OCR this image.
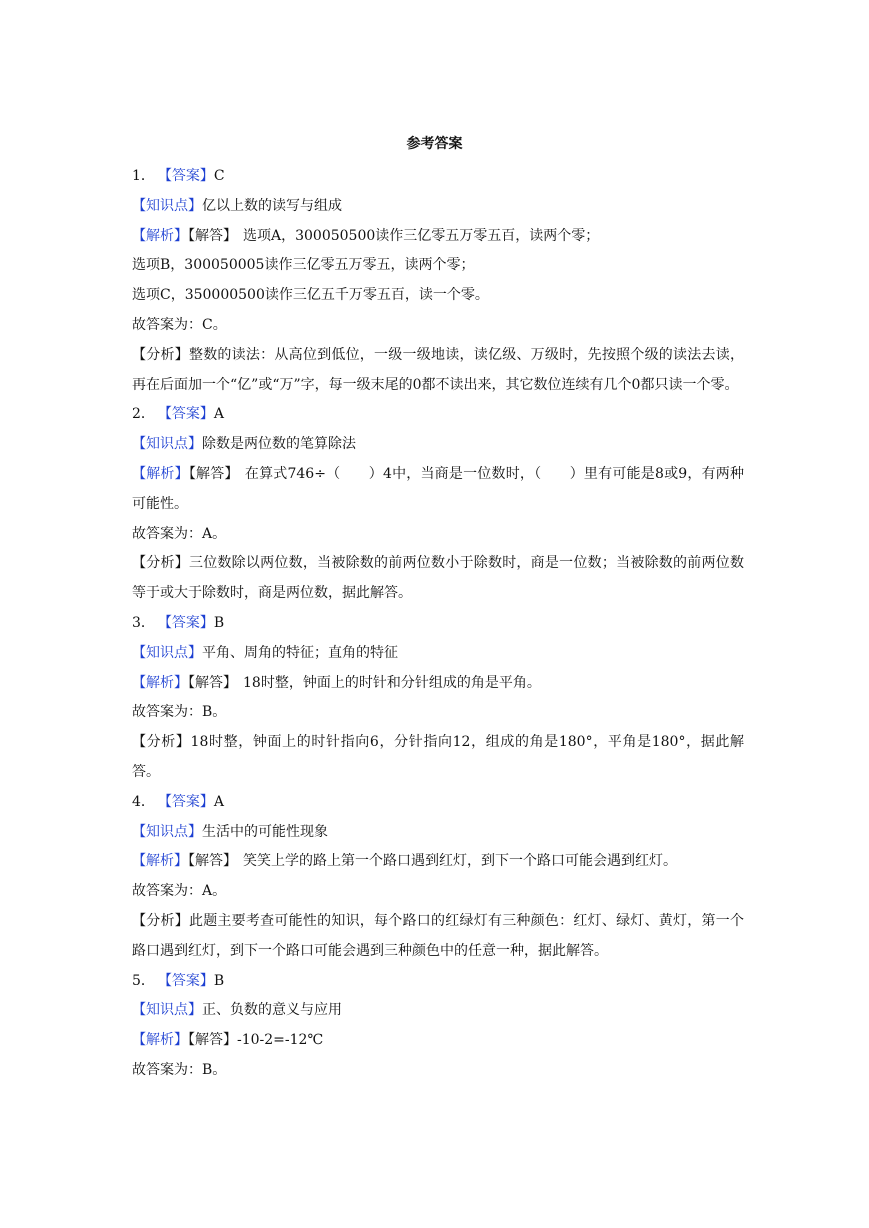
参考答案

1． 【答案】C

【知识点】亿以上数的读写与组成

【解析】【解答】 选项A，300050500读作三亿零五万零五百，读两个零；

选项B，300050005读作三亿零五万零五，读两个零；

选项C，350000500读作三亿五千万零五百，读一个零。

故答案为：C。

【分析】整数的读法：从高位到低位，一级一级地读，读亿级、万级时，先按照个级的读法去读，再在后面加一个“亿”或“万”字，每一级末尾的0都不读出来，其它数位连续有几个0都只读一个零。

2． 【答案】A

【知识点】除数是两位数的笔算除法

【解析】【解答】 在算式746÷（　　）4中，当商是一位数时，（　　）里有可能是8或9，有两种可能性。

故答案为：A。

【分析】三位数除以两位数，当被除数的前两位数小于除数时，商是一位数；当被除数的前两位数等于或大于除数时，商是两位数，据此解答。

3． 【答案】B

【知识点】平角、周角的特征；直角的特征

【解析】【解答】 18时整，钟面上的时针和分针组成的角是平角。

故答案为：B。

【分析】18时整，钟面上的时针指向6，分针指向12，组成的角是180°，平角是180°，据此解答。

4． 【答案】A

【知识点】生活中的可能性现象

【解析】【解答】 笑笑上学的路上第一个路口遇到红灯，到下一个路口可能会遇到红灯。

故答案为：A。

【分析】此题主要考查可能性的知识，每个路口的红绿灯有三种颜色：红灯、绿灯、黄灯，第一个路口遇到红灯，到下一个路口可能会遇到三种颜色中的任意一种，据此解答。

5． 【答案】B

【知识点】正、负数的意义与应用

【解析】【解答】-10-2=-12℃

故答案为：B。
